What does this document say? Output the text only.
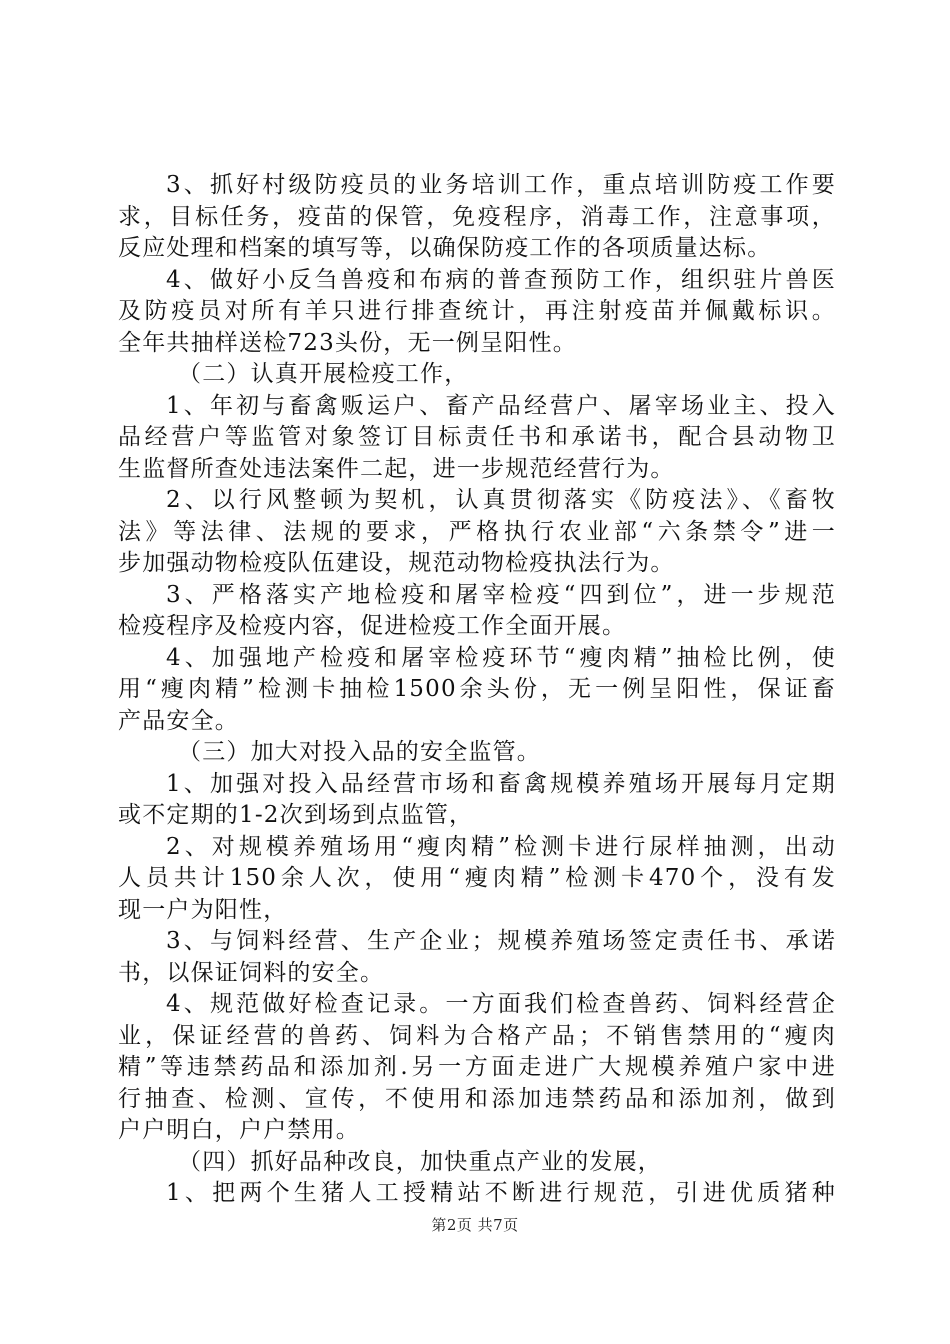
3、抓好村级防疫员的业务培训工作，重点培训防疫工作要
求，目标任务，疫苗的保管，免疫程序，消毒工作，注意事项，
反应处理和档案的填写等，以确保防疫工作的各项质量达标。
4、做好小反刍兽疫和布病的普查预防工作，组织驻片兽医
及防疫员对所有羊只进行排查统计，再注射疫苗并佩戴标识。
全年共抽样送检723头份，无一例呈阳性。
（二）认真开展检疫工作，
1、年初与畜禽贩运户、畜产品经营户、屠宰场业主、投入
品经营户等监管对象签订目标责任书和承诺书，配合县动物卫
生监督所查处违法案件二起，进一步规范经营行为。
2、以行风整顿为契机，认真贯彻落实《防疫法》、《畜牧
法》等法律、法规的要求，严格执行农业部“六条禁令”进一
步加强动物检疫队伍建设，规范动物检疫执法行为。
3、严格落实产地检疫和屠宰检疫“四到位”，进一步规范
检疫程序及检疫内容，促进检疫工作全面开展。
4、加强地产检疫和屠宰检疫环节“瘦肉精”抽检比例，使
用“瘦肉精”检测卡抽检1500余头份，无一例呈阳性，保证畜
产品安全。
（三）加大对投入品的安全监管。
1、加强对投入品经营市场和畜禽规模养殖场开展每月定期
或不定期的1-2次到场到点监管，
2、对规模养殖场用“瘦肉精”检测卡进行尿样抽测，出动
人员共计150余人次，使用“瘦肉精”检测卡470个，没有发
现一户为阳性，
3、与饲料经营、生产企业；规模养殖场签定责任书、承诺
书，以保证饲料的安全。
4、规范做好检查记录。一方面我们检查兽药、饲料经营企
业，保证经营的兽药、饲料为合格产品；不销售禁用的“瘦肉
精”等违禁药品和添加剂.另一方面走进广大规模养殖户家中进
行抽查、检测、宣传，不使用和添加违禁药品和添加剂，做到
户户明白，户户禁用。
（四）抓好品种改良，加快重点产业的发展，
1、把两个生猪人工授精站不断进行规范，引进优质猪种
第2页 共7页
